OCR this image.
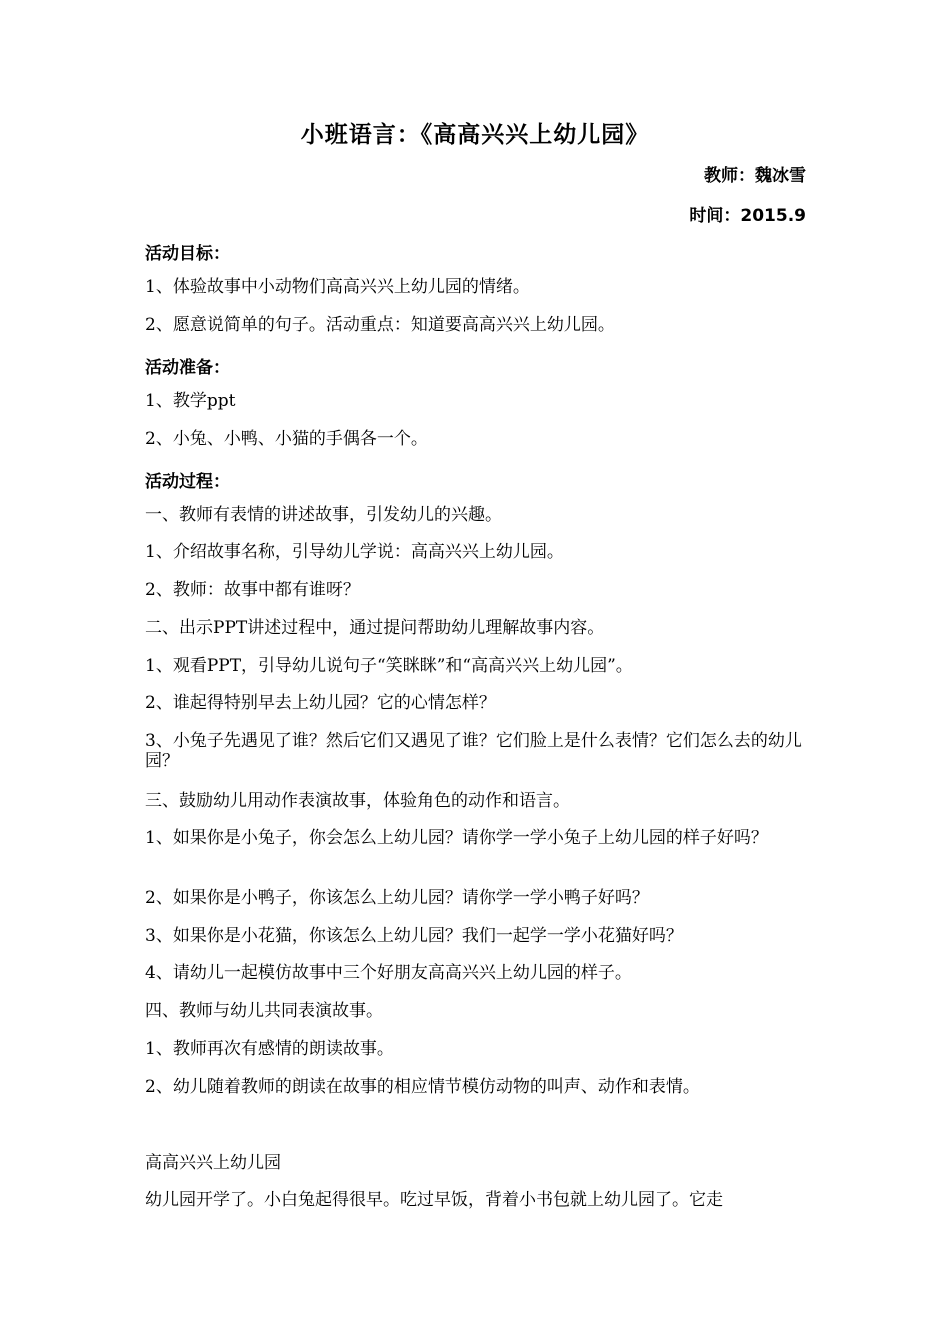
小班语言：《高高兴兴上幼儿园》
教师：魏冰雪
时间：2015.9
活动目标：
1、体验故事中小动物们高高兴兴上幼儿园的情绪。
2、愿意说简单的句子。活动重点：知道要高高兴兴上幼儿园。
活动准备：
1、教学ppt
2、小兔、小鸭、小猫的手偶各一个。
活动过程：
一、教师有表情的讲述故事，引发幼儿的兴趣。
1、介绍故事名称，引导幼儿学说：高高兴兴上幼儿园。
2、教师：故事中都有谁呀？
二、出示PPT讲述过程中，通过提问帮助幼儿理解故事内容。
1、观看PPT，引导幼儿说句子“笑眯眯”和“高高兴兴上幼儿园”。
2、谁起得特别早去上幼儿园？它的心情怎样？
3、小兔子先遇见了谁？然后它们又遇见了谁？它们脸上是什么表情？它们怎么去的幼儿园？
三、鼓励幼儿用动作表演故事，体验角色的动作和语言。
1、如果你是小兔子，你会怎么上幼儿园？请你学一学小兔子上幼儿园的样子好吗？
2、如果你是小鸭子，你该怎么上幼儿园？请你学一学小鸭子好吗？
3、如果你是小花猫，你该怎么上幼儿园？我们一起学一学小花猫好吗？
4、请幼儿一起模仿故事中三个好朋友高高兴兴上幼儿园的样子。
四、教师与幼儿共同表演故事。
1、教师再次有感情的朗读故事。
2、幼儿随着教师的朗读在故事的相应情节模仿动物的叫声、动作和表情。
高高兴兴上幼儿园
幼儿园开学了。小白兔起得很早。吃过早饭，背着小书包就上幼儿园了。它走
